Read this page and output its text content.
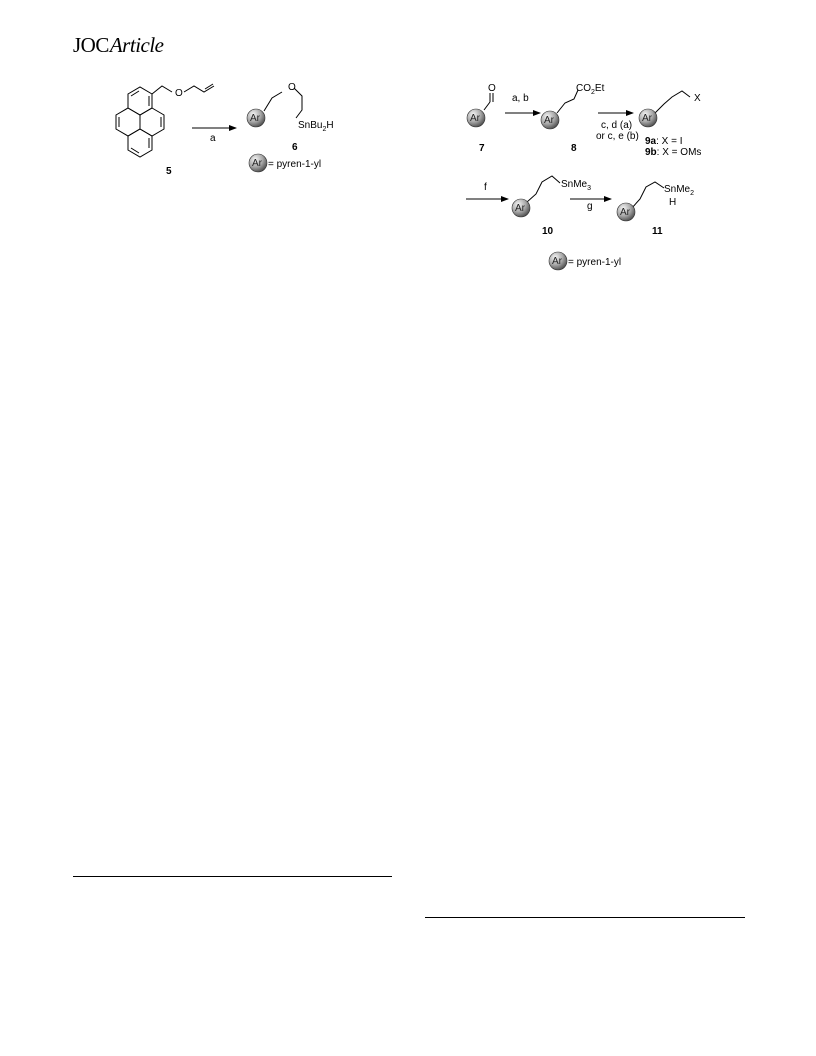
JOCArticle
O
O
a
Ar
SnBu$_2$H
5
6
Ar = pyren-1-yl
Ar
O
7
a, b
Ar
$CO_2Et$
8
c, d (a)
or c, e (b)
Ar
X
9a: X = I
9b: X = OMs
f
Ar
SnMe$_3$
10
g
Ar
SnMe$_2$
H
11
Ar = pyren-1-yl
